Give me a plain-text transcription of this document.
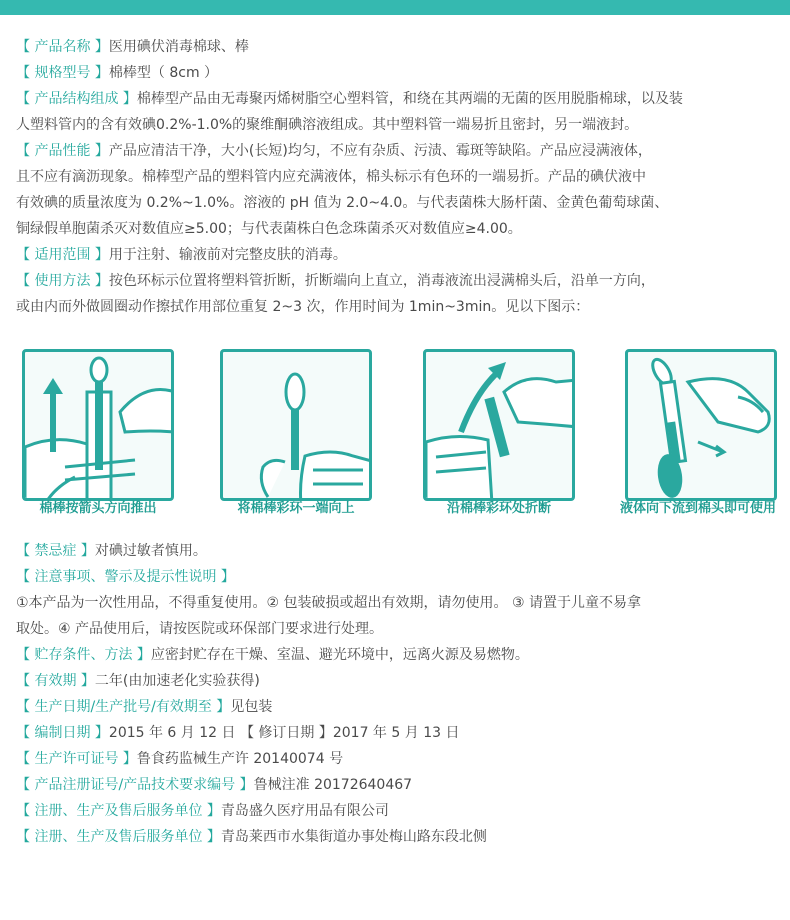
【 产品名称 】医用碘伏消毒棉球、棒
【 规格型号 】棉棒型（ 8cm ）
【 产品结构组成 】棉棒型产品由无毒聚丙烯树脂空心塑料管，和绕在其两端的无菌的医用脱脂棉球，以及装
人塑料管内的含有效碘0.2%-1.0%的聚维酮碘溶液组成。其中塑料管一端易折且密封，另一端液封。
【 产品性能 】产品应清洁干净，大小(长短)均匀，不应有杂质、污渍、霉斑等缺陷。产品应浸满液体，
且不应有滴沥现象。棉棒型产品的塑料管内应充满液体，棉头标示有色环的一端易折。产品的碘伏液中
有效碘的质量浓度为 0.2%~1.0%。溶液的 pH 值为 2.0~4.0。与代表菌株大肠杆菌、金黄色葡萄球菌、
铜绿假单胞菌杀灭对数值应≥5.00；与代表菌株白色念珠菌杀灭对数值应≥4.00。
【 适用范围 】用于注射、输液前对完整皮肤的消毒。
【 使用方法 】按色环标示位置将塑料管折断，折断端向上直立，消毒液流出浸满棉头后，沿单一方向，
或由内而外做圆圈动作擦拭作用部位重复 2~3 次，作用时间为 1min~3min。见以下图示：
棉棒按箭头方向推出	将棉棒彩环一端向上	沿棉棒彩环处折断	液体向下流到棉头即可使用
【 禁忌症 】对碘过敏者慎用。
【 注意事项、警示及提示性说明 】
①本产品为一次性用品，不得重复使用。② 包装破损或超出有效期，请勿使用。 ③ 请置于儿童不易拿
取处。④ 产品使用后，请按医院或环保部门要求进行处理。
【 贮存条件、方法 】应密封贮存在干燥、室温、避光环境中，远离火源及易燃物。
【 有效期 】二年(由加速老化实验获得)
【 生产日期/生产批号/有效期至 】见包装
【 编制日期 】2015 年 6 月 12 日 【 修订日期 】2017 年 5 月 13 日
【 生产许可证号 】鲁食药监械生产许 20140074 号
【 产品注册证号/产品技术要求编号 】鲁械注准 20172640467
【 注册、生产及售后服务单位 】青岛盛久医疗用品有限公司
【 注册、生产及售后服务单位 】青岛莱西市水集街道办事处梅山路东段北侧
